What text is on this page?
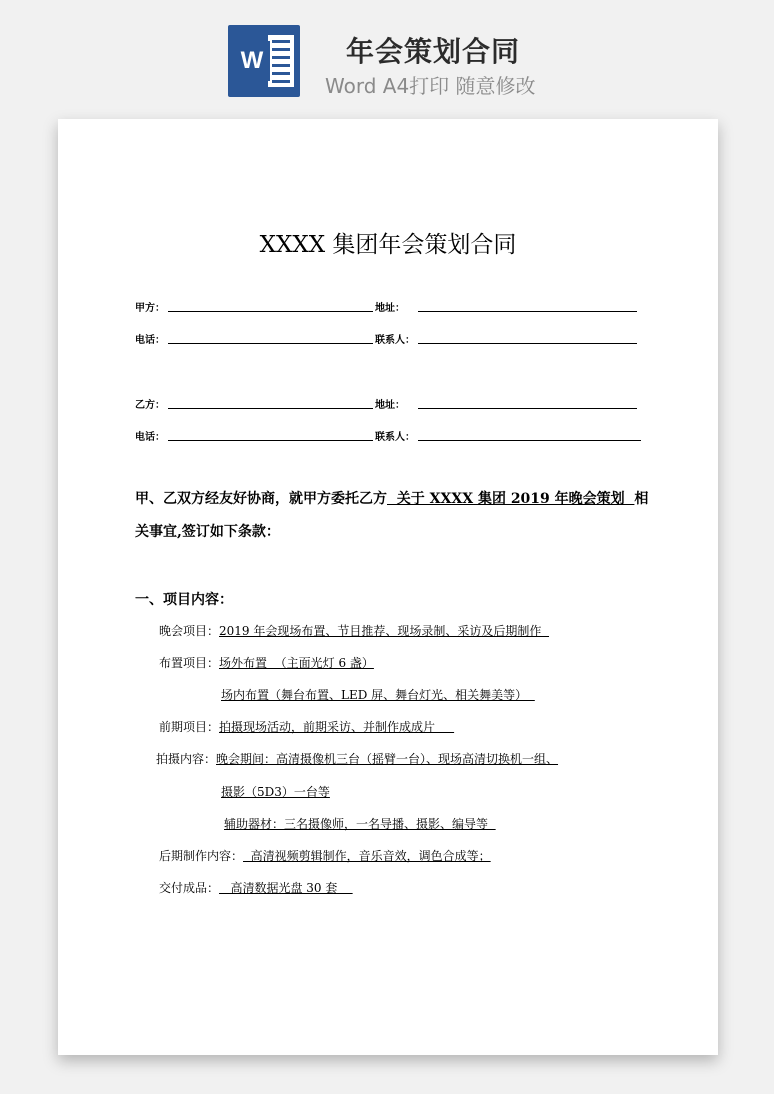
W	年会策划合同
Word A4打印 随意修改
XXXX 集团年会策划合同
甲方：	地址：
电话：	联系人：
乙方：	地址：
电话：	联系人：
甲、乙双方经友好协商，就甲方委托乙方  关于 XXXX 集团 2019 年晚会策划  相
关事宜,签订如下条款：
一、项目内容：
晚会项目：2019 年会现场布置、节目推荐、现场录制、采访及后期制作
布置项目：场外布置  （主面光灯 6 盏）
场内布置（舞台布置、LED 屏、舞台灯光、相关舞美等）
前期项目：拍摄现场活动，前期采访、并制作成成片
拍摄内容：晚会期间：高清摄像机三台（摇臂一台）、现场高清切换机一组、
摄影（5D3）一台等
辅助器材：三名摄像师，一名导播、摄影、编导等
后期制作内容：  高清视频剪辑制作，音乐音效，调色合成等；
交付成品：   高清数据光盘 30 套
